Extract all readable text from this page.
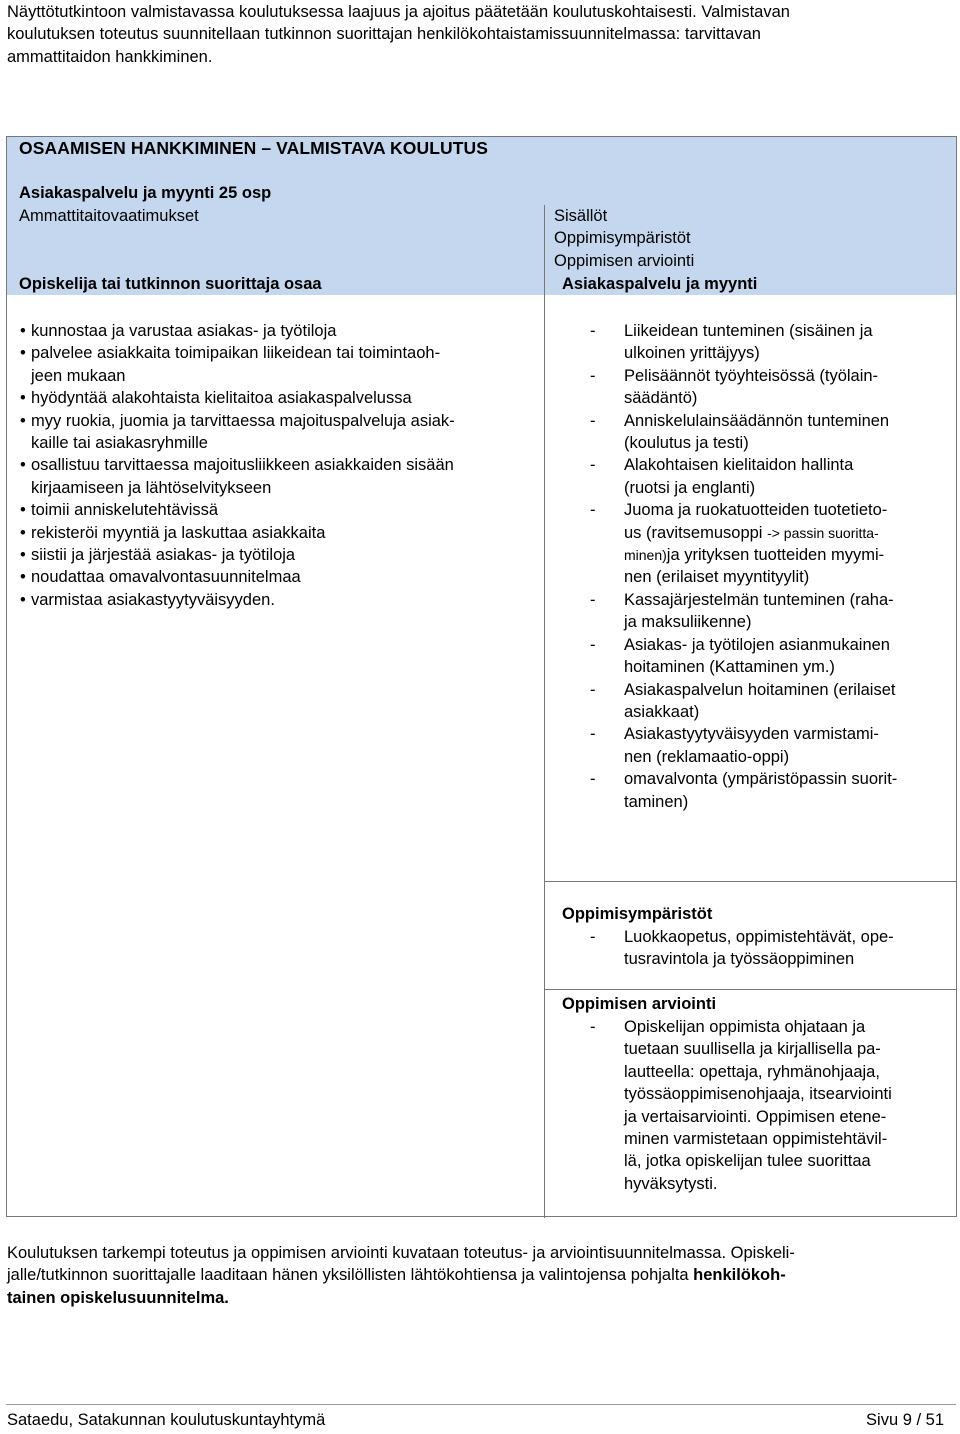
Näyttötutkintoon valmistavassa koulutuksessa laajuus ja ajoitus päätetään koulutuskohtaisesti. Valmistavan
koulutuksen toteutus suunnitellaan tutkinnon suorittajan henkilökohtaistamissuunnitelmassa: tarvittavan
ammattitaidon hankkiminen.
OSAAMISEN HANKKIMINEN – VALMISTAVA KOULUTUS
Asiakaspalvelu ja myynti 25 osp
Ammattitaitovaatimukset
Opiskelija tai tutkinnon suorittaja osaa
Sisällöt
Oppimisympäristöt
Oppimisen arviointi
Asiakaspalvelu ja myynti
• kunnostaa ja varustaa asiakas- ja työtiloja
• palvelee asiakkaita toimipaikan liikeidean tai toimintaoh-
jeen mukaan
• hyödyntää alakohtaista kielitaitoa asiakaspalvelussa
• myy ruokia, juomia ja tarvittaessa majoituspalveluja asiak-
kaille tai asiakasryhmille
• osallistuu tarvittaessa majoitusliikkeen asiakkaiden sisään
kirjaamiseen ja lähtöselvitykseen
• toimii anniskelutehtävissä
• rekisteröi myyntiä ja laskuttaa asiakkaita
• siistii ja järjestää asiakas- ja työtiloja
• noudattaa omavalvontasuunnitelmaa
• varmistaa asiakastyytyväisyyden.
- Liikeidean tunteminen (sisäinen ja
ulkoinen yrittäjyys)
- Pelisäännöt työyhteisössä (työlain-
säädäntö)
- Anniskelulainsäädännön tunteminen
(koulutus ja testi)
- Alakohtaisen kielitaidon hallinta
(ruotsi ja englanti)
- Juoma ja ruokatuotteiden tuotetieto-
us (ravitsemusoppi -> passin suoritta-
minen)ja yrityksen tuotteiden myymi-
nen (erilaiset myyntityylit)
- Kassajärjestelmän tunteminen (raha-
ja maksuliikenne)
- Asiakas- ja työtilojen asianmukainen
hoitaminen (Kattaminen ym.)
- Asiakaspalvelun hoitaminen (erilaiset
asiakkaat)
- Asiakastyytyväisyyden varmistami-
nen (reklamaatio-oppi)
- omavalvonta (ympäristöpassin suorit-
taminen)
Oppimisympäristöt
- Luokkaopetus, oppimistehtävät, ope-
tusravintola ja työssäoppiminen
Oppimisen arviointi
- Opiskelijan oppimista ohjataan ja
tuetaan suullisella ja kirjallisella pa-
lautteella: opettaja, ryhmänohjaaja,
työssäoppimisenohjaaja, itsearviointi
ja vertaisarviointi. Oppimisen etene-
minen varmistetaan oppimistehtävil-
lä, jotka opiskelijan tulee suorittaa
hyväksytysti.
Koulutuksen tarkempi toteutus ja oppimisen arviointi kuvataan toteutus- ja arviointisuunnitelmassa. Opiskeli-
jalle/tutkinnon suorittajalle laaditaan hänen yksilöllisten lähtökohtiensa ja valintojensa pohjalta henkilökoh-
tainen opiskelusuunnitelma.
Sataedu, Satakunnan koulutuskuntayhtymä	Sivu 9 / 51
